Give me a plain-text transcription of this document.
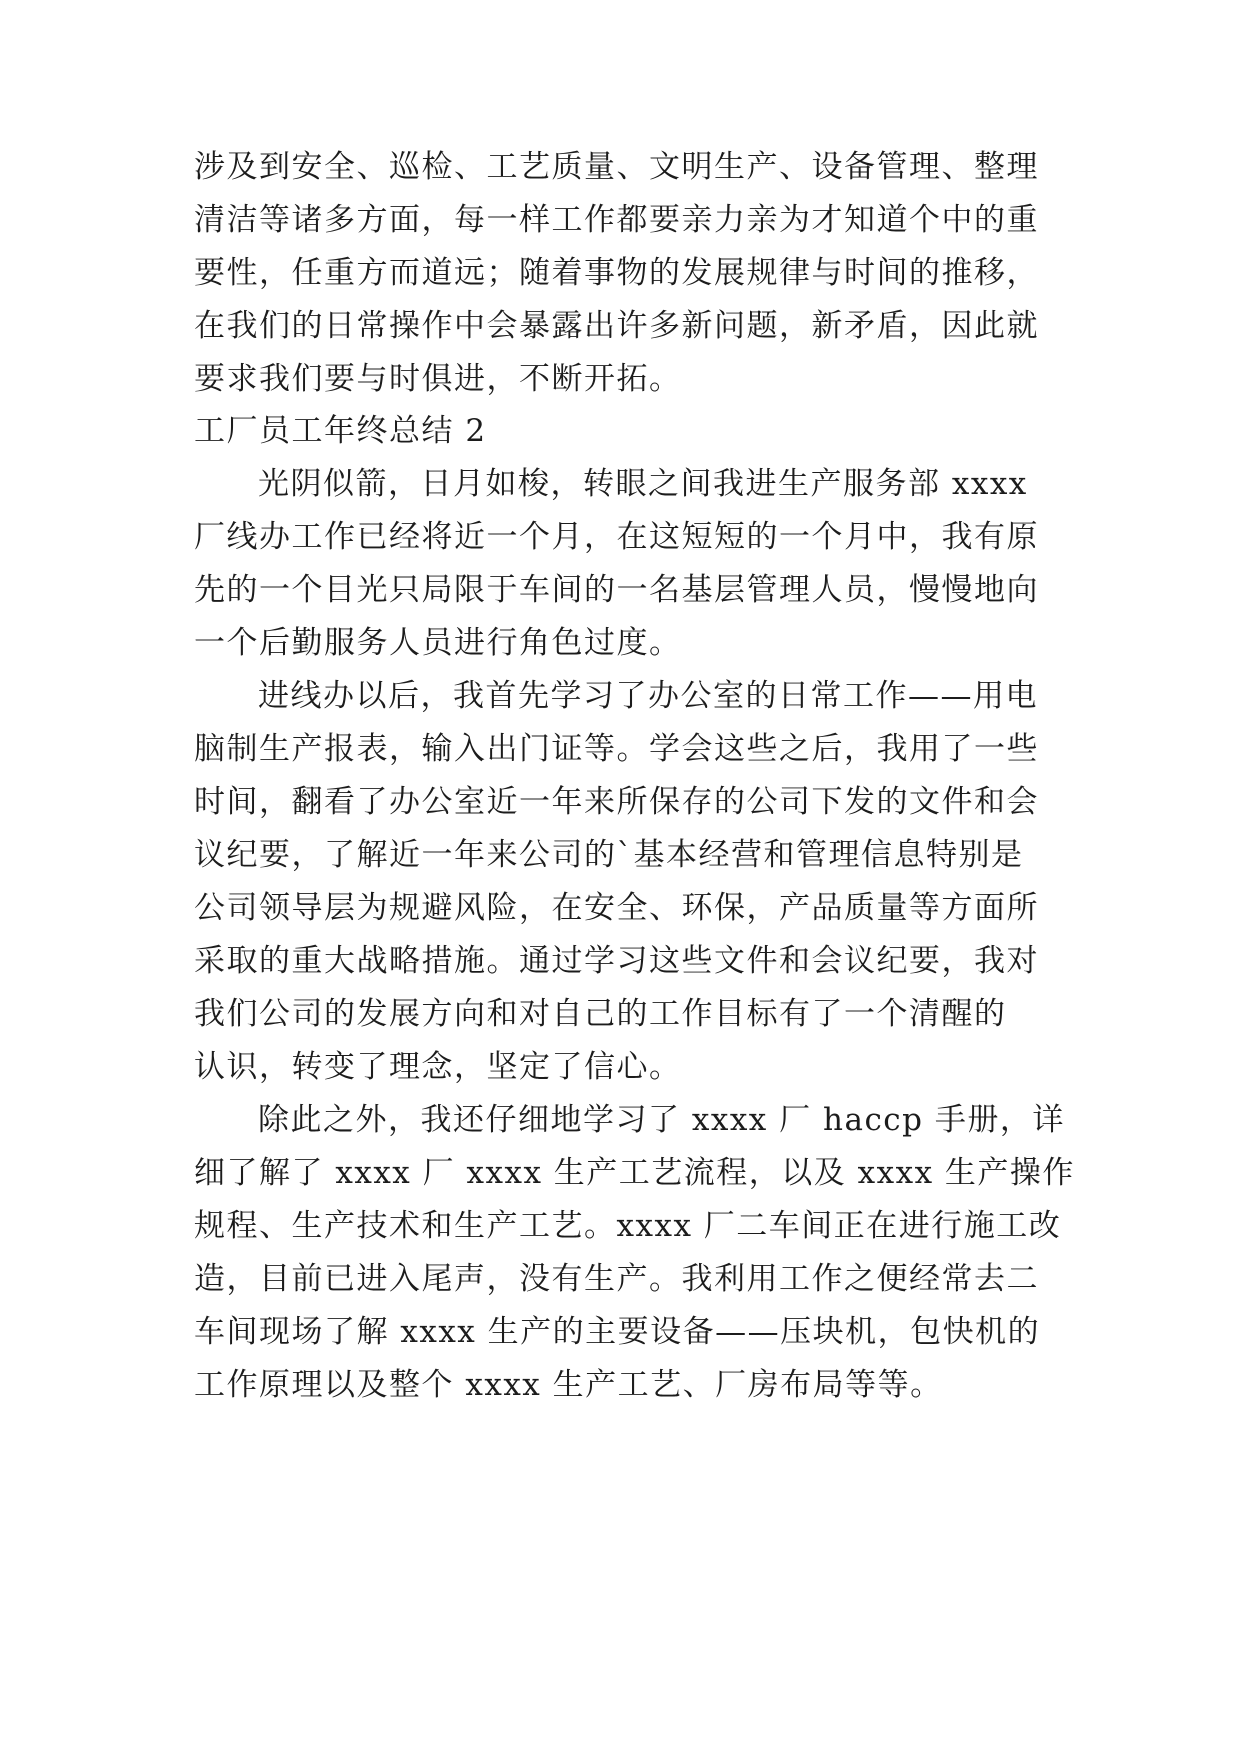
涉及到安全、巡检、工艺质量、文明生产、设备管理、整理
清洁等诸多方面，每一样工作都要亲力亲为才知道个中的重
要性，任重方而道远；随着事物的发展规律与时间的推移，
在我们的日常操作中会暴露出许多新问题，新矛盾，因此就
要求我们要与时俱进，不断开拓。
工厂员工年终总结 2
光阴似箭，日月如梭，转眼之间我进生产服务部 xxxx
厂线办工作已经将近一个月，在这短短的一个月中，我有原
先的一个目光只局限于车间的一名基层管理人员，慢慢地向
一个后勤服务人员进行角色过度。
进线办以后，我首先学习了办公室的日常工作——用电
脑制生产报表，输入出门证等。学会这些之后，我用了一些
时间，翻看了办公室近一年来所保存的公司下发的文件和会
议纪要，了解近一年来公司的`基本经营和管理信息特别是
公司领导层为规避风险，在安全、环保，产品质量等方面所
采取的重大战略措施。通过学习这些文件和会议纪要，我对
我们公司的发展方向和对自己的工作目标有了一个清醒的
认识，转变了理念，坚定了信心。
除此之外，我还仔细地学习了 xxxx 厂 haccp 手册，详
细了解了 xxxx 厂 xxxx 生产工艺流程，以及 xxxx 生产操作
规程、生产技术和生产工艺。xxxx 厂二车间正在进行施工改
造，目前已进入尾声，没有生产。我利用工作之便经常去二
车间现场了解 xxxx 生产的主要设备——压块机，包快机的
工作原理以及整个 xxxx 生产工艺、厂房布局等等。
